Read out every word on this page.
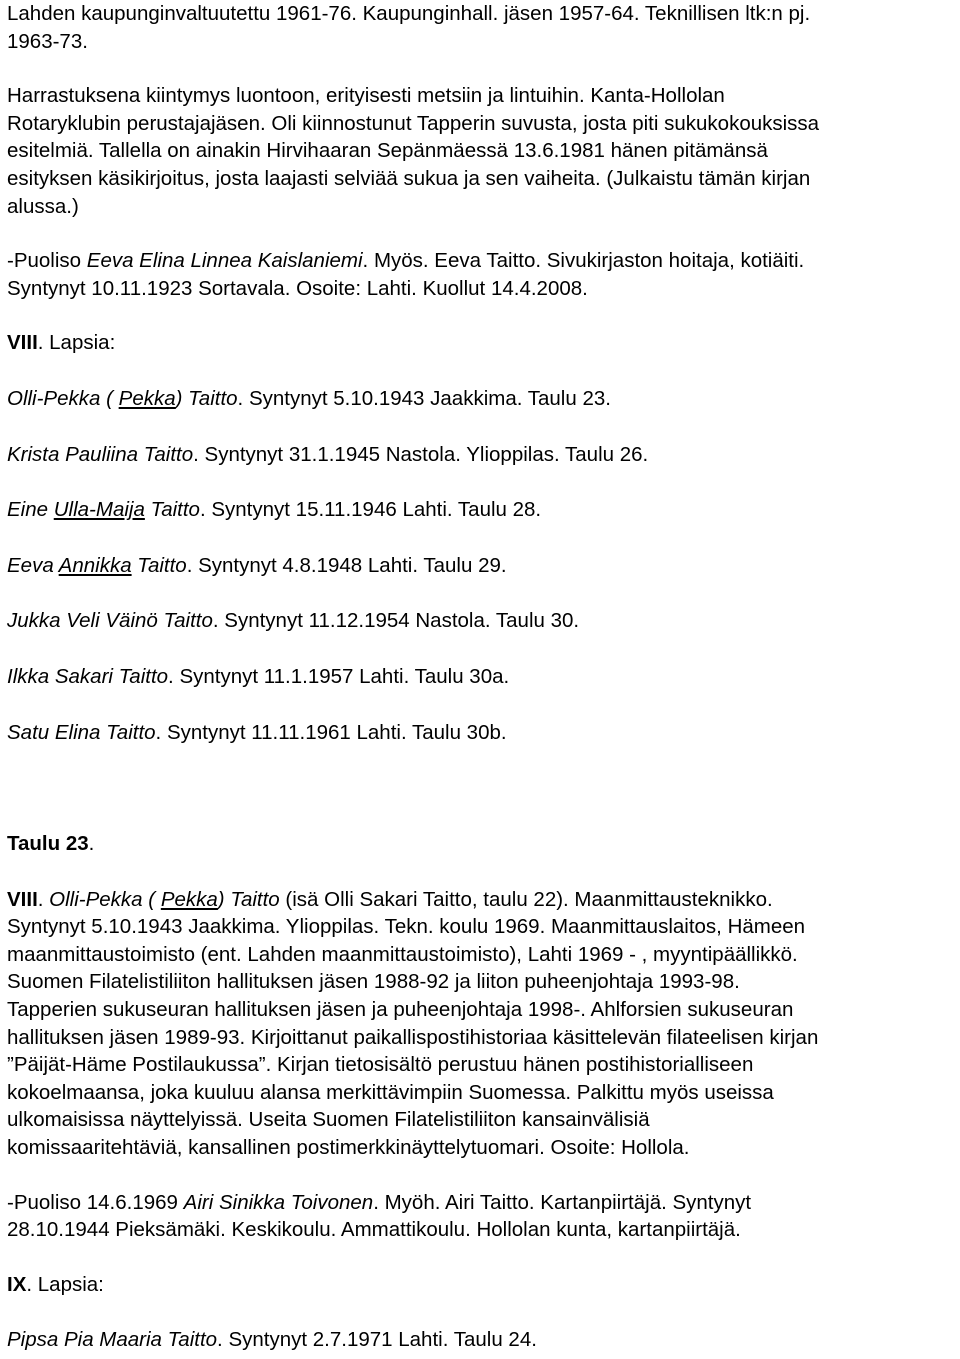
Lahden kaupunginvaltuutettu 1961-76. Kaupunginhall. jäsen 1957-64. Teknillisen ltk:n pj.
1963-73.

Harrastuksena kiintymys luontoon, erityisesti metsiin ja lintuihin. Kanta-Hollolan
Rotaryklubin perustajajäsen. Oli kiinnostunut Tapperin suvusta, josta piti sukukokouksissa
esitelmiä. Tallella on ainakin Hirvihaaran Sepänmäessä 13.6.1981 hänen pitämänsä
esityksen käsikirjoitus, josta laajasti selviää sukua ja sen vaiheita. (Julkaistu tämän kirjan
alussa.)

-Puoliso Eeva Elina Linnea Kaislaniemi. Myös. Eeva Taitto. Sivukirjaston hoitaja, kotiäiti.
Syntynyt 10.11.1923 Sortavala. Osoite: Lahti. Kuollut 14.4.2008.

VIII. Lapsia:

Olli-Pekka ( Pekka) Taitto. Syntynyt 5.10.1943 Jaakkima. Taulu 23.

Krista Pauliina Taitto. Syntynyt 31.1.1945 Nastola. Ylioppilas. Taulu 26.

Eine Ulla-Maija Taitto. Syntynyt 15.11.1946 Lahti. Taulu 28.

Eeva Annikka Taitto. Syntynyt 4.8.1948 Lahti. Taulu 29.

Jukka Veli Väinö Taitto. Syntynyt 11.12.1954 Nastola. Taulu 30.

Ilkka Sakari Taitto. Syntynyt 11.1.1957 Lahti. Taulu 30a.

Satu Elina Taitto. Syntynyt 11.11.1961 Lahti. Taulu 30b.

Taulu 23.

VIII. Olli-Pekka ( Pekka) Taitto (isä Olli Sakari Taitto, taulu 22). Maanmittausteknikko.
Syntynyt 5.10.1943 Jaakkima. Ylioppilas. Tekn. koulu 1969. Maanmittauslaitos, Hämeen
maanmittaustoimisto (ent. Lahden maanmittaustoimisto), Lahti 1969 - , myyntipäällikkö.
Suomen Filatelistiliiton hallituksen jäsen 1988-92 ja liiton puheenjohtaja 1993-98.
Tapperien sukuseuran hallituksen jäsen ja puheenjohtaja 1998-. Ahlforsien sukuseuran
hallituksen jäsen 1989-93. Kirjoittanut paikallispostihistoriaa käsittelevän filateelisen kirjan
”Päijät-Häme Postilaukussa”. Kirjan tietosisältö perustuu hänen postihistorialliseen
kokoelmaansa, joka kuuluu alansa merkittävimpiin Suomessa. Palkittu myös useissa
ulkomaisissa näyttelyissä. Useita Suomen Filatelistiliiton kansainvälisiä
komissaaritehtäviä, kansallinen postimerkkinäyttelytuomari. Osoite: Hollola.

-Puoliso 14.6.1969 Airi Sinikka Toivonen. Myöh. Airi Taitto. Kartanpiirtäjä. Syntynyt
28.10.1944 Pieksämäki. Keskikoulu. Ammattikoulu. Hollolan kunta, kartanpiirtäjä.

IX. Lapsia:

Pipsa Pia Maaria Taitto. Syntynyt 2.7.1971 Lahti. Taulu 24.
